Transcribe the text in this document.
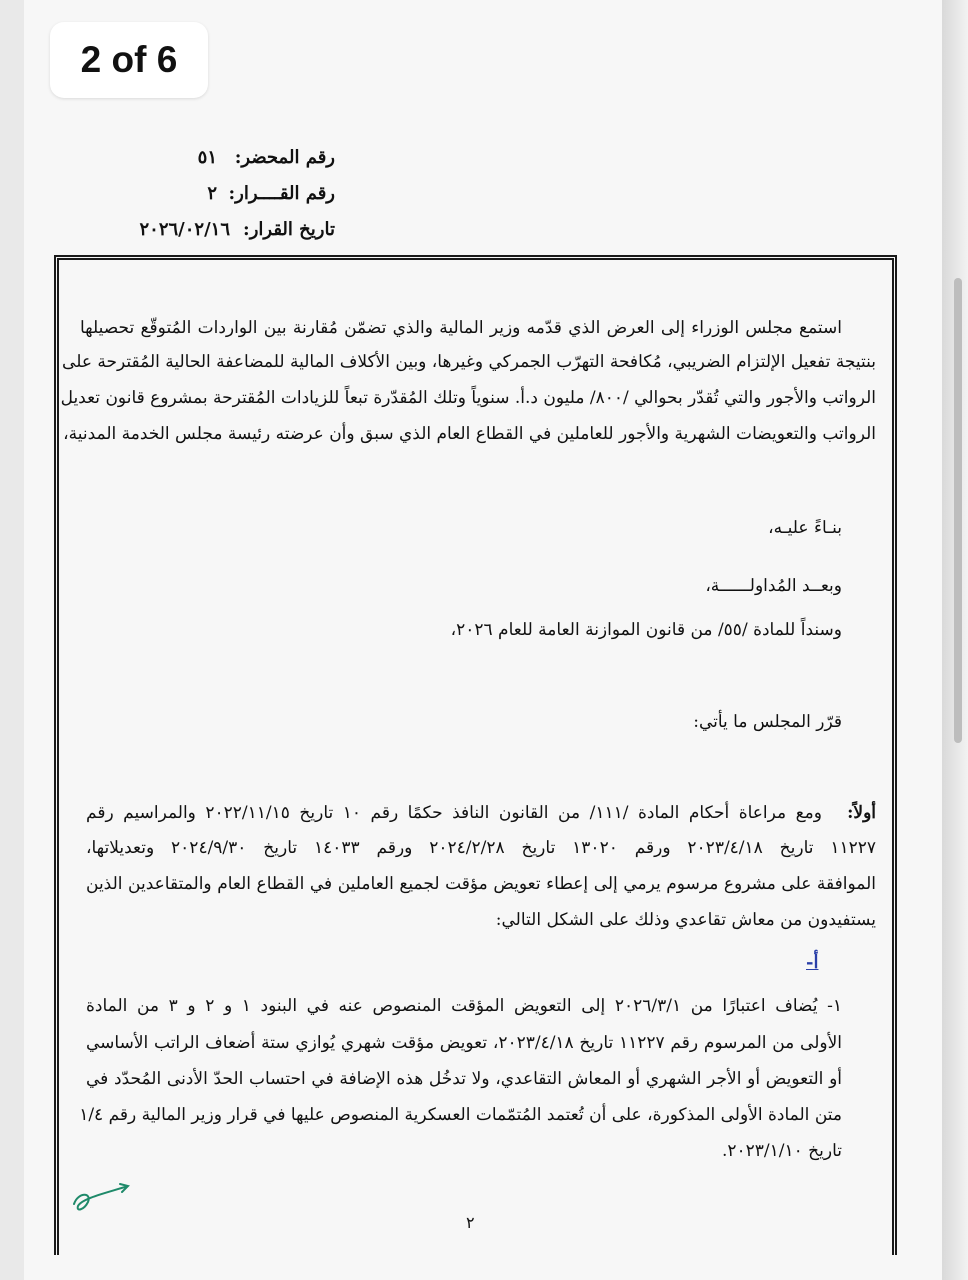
2 of 6
رقم المحضر:
٥١
رقم القــــرار:
٢
تاريخ القرار:
٢٠٢٦/٠٢/١٦
استمع مجلس الوزراء إلى العرض الذي قدّمه وزير المالية والذي تضمّن مُقارنة بين الواردات المُتوقّع تحصيلها
بنتيجة تفعيل الإلتزام الضريبي، مُكافحة التهرّب الجمركي وغيرها، وبين الأكلاف المالية للمضاعفة الحالية المُقترحة على
الرواتب والأجور والتي تُقدّر بحوالي /٨٠٠/ مليون د.أ. سنوياً وتلك المُقدّرة تبعاً للزيادات المُقترحة بمشروع قانون تعديل
الرواتب والتعويضات الشهرية والأجور للعاملين في القطاع العام الذي سبق وأن عرضته رئيسة مجلس الخدمة المدنية،
بنـاءً عليـه،
وبعــد المُداولــــــة،
وسنداً للمادة /٥٥/ من قانون الموازنة العامة للعام ٢٠٢٦،
قرّر المجلس ما يأتي:
أولاً:
ومع مراعاة أحكام المادة /١١١/ من القانون النافذ حكمًا رقم ١٠ تاريخ ٢٠٢٢/١١/١٥ والمراسيم رقم
١١٢٢٧ تاريخ ٢٠٢٣/٤/١٨ ورقم ١٣٠٢٠ تاريخ ٢٠٢٤/٢/٢٨ ورقم ١٤٠٣٣ تاريخ ٢٠٢٤/٩/٣٠ وتعديلاتها،
الموافقة على مشروع مرسوم يرمي إلى إعطاء تعويض مؤقت لجميع العاملين في القطاع العام والمتقاعدين الذين
يستفيدون من معاش تقاعدي وذلك على الشكل التالي:
أ-
١- يُضاف اعتبارًا من ٢٠٢٦/٣/١ إلى التعويض المؤقت المنصوص عنه في البنود ١ و ٢ و ٣ من المادة
الأولى من المرسوم رقم ١١٢٢٧ تاريخ ٢٠٢٣/٤/١٨، تعويض مؤقت شهري يُوازي ستة أضعاف الراتب الأساسي
أو التعويض أو الأجر الشهري أو المعاش التقاعدي، ولا تدخُل هذه الإضافة في احتساب الحدّ الأدنى المُحدّد في
متن المادة الأولى المذكورة، على أن تُعتمد المُتمّمات العسكرية المنصوص عليها في قرار وزير المالية رقم ١/٤
تاريخ ٢٠٢٣/١/١٠.
٢
